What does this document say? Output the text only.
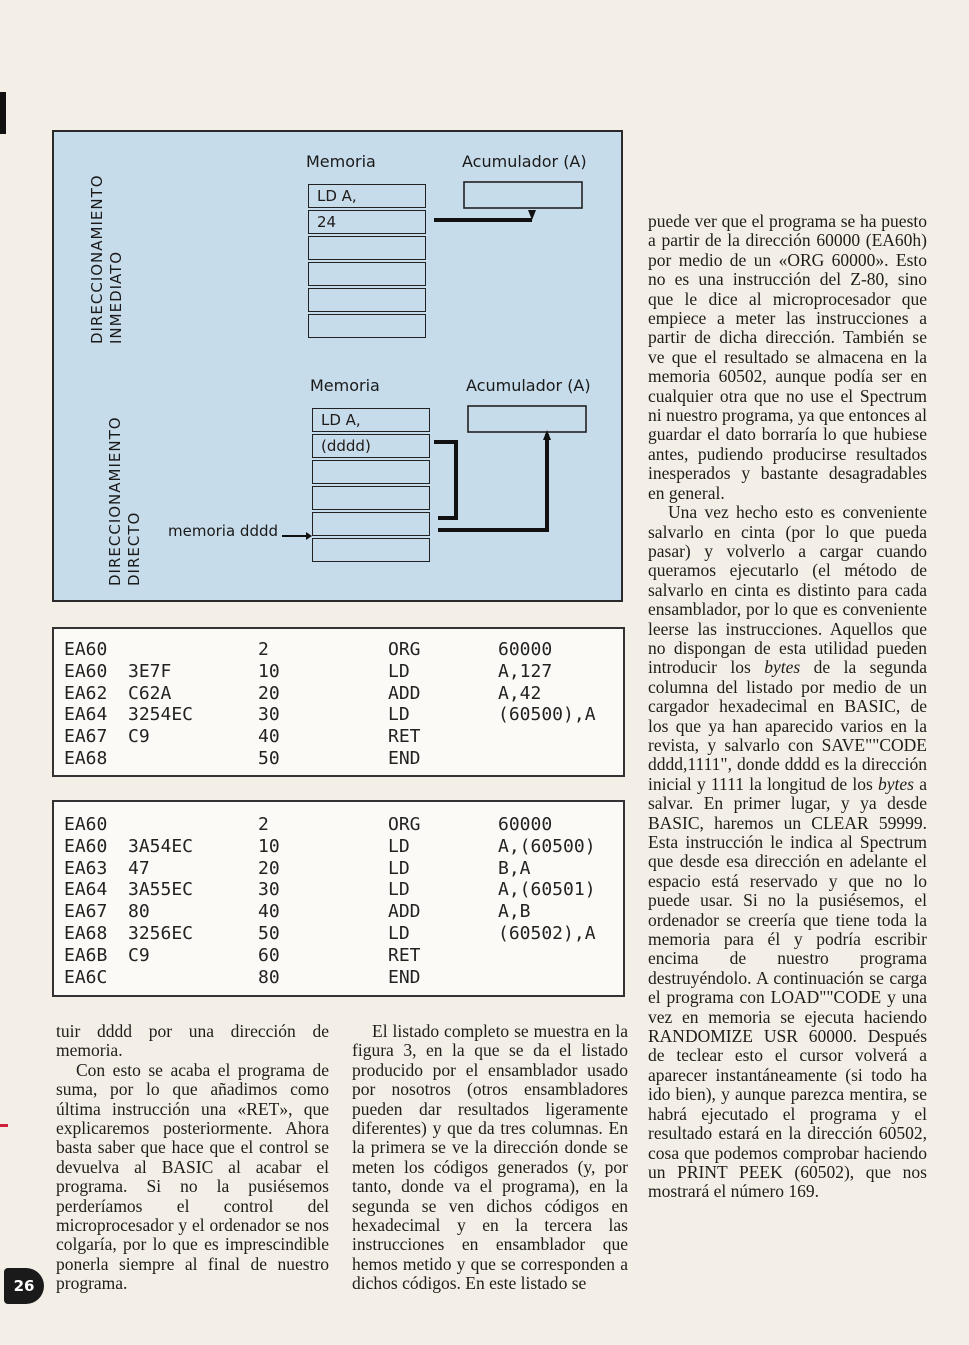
DIRECCIONAMIENTO INMEDIATO
Memoria	Acumulador (A)
LD A,
24
DIRECCIONAMIENTO DIRECTO
Memoria	Acumulador (A)
memoria dddd
LD A,
(dddd)
EA60	2	ORG	60000
EA60 3E7F	10	LD	A,127
EA62 C62A	20	ADD	A,42
EA64 3254EC	30	LD	(60500),A
EA67 C9	40	RET
EA68	50	END
EA60	2	ORG	60000
EA60 3A54EC	10	LD	A,(60500)
EA63 47	20	LD	B,A
EA64 3A55EC	30	LD	A,(60501)
EA67 80	40	ADD	A,B
EA68 3256EC	50	LD	(60502),A
EA6B C9	60	RET
EA6C	80	END

tuir dddd por una dirección de memoria.

Con esto se acaba el programa de suma, por lo que añadimos como última instrucción una «RET», que explicaremos posteriormente. Ahora basta saber que hace que el control se devuelva al BASIC al acabar el programa. Si no la pusiésemos perderíamos el control del microprocesador y el ordenador se nos colgaría, por lo que es imprescindible ponerla siempre al final de nuestro programa.

El listado completo se muestra en la figura 3, en la que se da el listado producido por el ensamblador usado por nosotros (otros ensambladores pueden dar resultados ligeramente diferentes) y que da tres columnas. En la primera se ve la dirección donde se meten los códigos generados (y, por tanto, donde va el programa), en la segunda se ven dichos códigos en hexadecimal y en la tercera las instrucciones en ensamblador que hemos metido y que se corresponden a dichos códigos. En este listado se

puede ver que el programa se ha puesto a partir de la dirección 60000 (EA60h) por medio de un «ORG 60000». Esto no es una instrucción del Z-80, sino que le dice al microprocesador que empiece a meter las instrucciones a partir de dicha dirección. También se ve que el resultado se almacena en la memoria 60502, aunque podía ser en cualquier otra que no use el Spectrum ni nuestro programa, ya que entonces al guardar el dato borraría lo que hubiese antes, pudiendo producirse resultados inesperados y bastante desagradables en general.

Una vez hecho esto es conveniente salvarlo en cinta (por lo que pueda pasar) y volverlo a cargar cuando queramos ejecutarlo (el método de salvarlo en cinta es distinto para cada ensamblador, por lo que es conveniente leerse las instrucciones. Aquellos que no dispongan de esta utilidad pueden introducir los bytes de la segunda columna del listado por medio de un cargador hexadecimal en BASIC, de los que ya han aparecido varios en la revista, y salvarlo con SAVE""CODE dddd,1111", donde dddd es la dirección inicial y 1111 la longitud de los bytes a salvar. En primer lugar, y ya desde BASIC, haremos un CLEAR 59999. Esta instrucción le indica al Spectrum que desde esa dirección en adelante el espacio está reservado y que no lo puede usar. Si no la pusiésemos, el ordenador se creería que tiene toda la memoria para él y podría escribir encima de nuestro programa destruyéndolo. A continuación se carga el programa con LOAD""CODE y una vez en memoria se ejecuta haciendo RANDOMIZE USR 60000. Después de teclear esto el cursor volverá a aparecer instantáneamente (si todo ha ido bien), y aunque parezca mentira, se habrá ejecutado el programa y el resultado estará en la dirección 60502, cosa que podemos comprobar haciendo un PRINT PEEK (60502), que nos mostrará el número 169.

26
